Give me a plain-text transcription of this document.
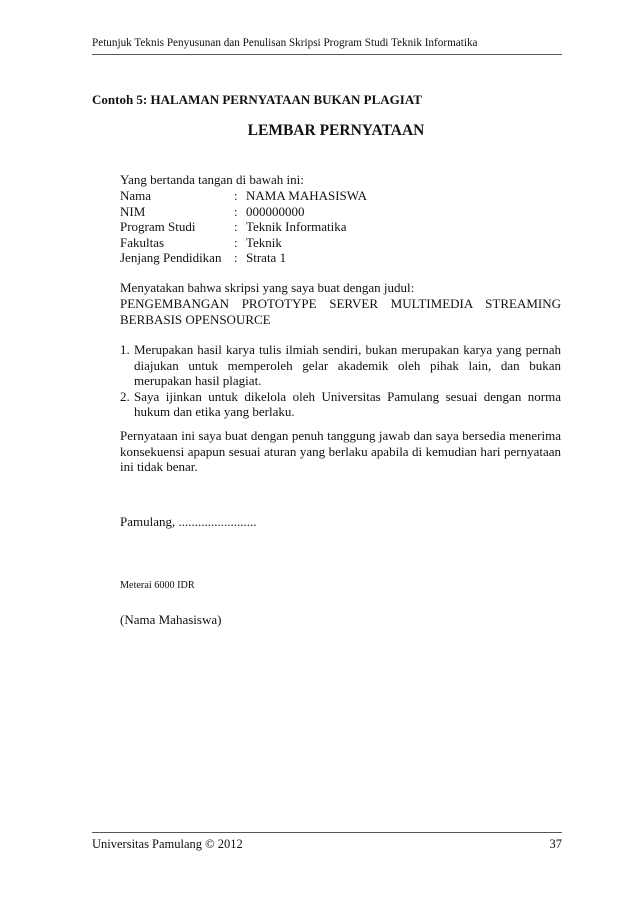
Petunjuk Teknis Penyusunan dan Penulisan Skripsi Program Studi Teknik Informatika
Contoh 5: HALAMAN PERNYATAAN BUKAN PLAGIAT
LEMBAR PERNYATAAN
Yang bertanda tangan di bawah ini:
Nama	:	NAMA MAHASISWA
NIM	:	000000000
Program Studi	:	Teknik Informatika
Fakultas	:	Teknik
Jenjang Pendidikan	:	Strata 1
Menyatakan bahwa skripsi yang saya buat dengan judul:
PENGEMBANGAN PROTOTYPE SERVER MULTIMEDIA STREAMING
BERBASIS OPENSOURCE
1. Merupakan hasil karya tulis ilmiah sendiri, bukan merupakan karya yang pernah diajukan untuk memperoleh gelar akademik oleh pihak lain, dan bukan merupakan hasil plagiat.
2. Saya ijinkan untuk dikelola oleh Universitas Pamulang sesuai dengan norma hukum dan etika yang berlaku.
Pernyataan ini saya buat dengan penuh tanggung jawab dan saya bersedia menerima konsekuensi apapun sesuai aturan yang berlaku apabila di kemudian hari pernyataan ini tidak benar.
Pamulang, ........................
Meterai 6000 IDR
(Nama Mahasiswa)
Universitas Pamulang © 2012	37
